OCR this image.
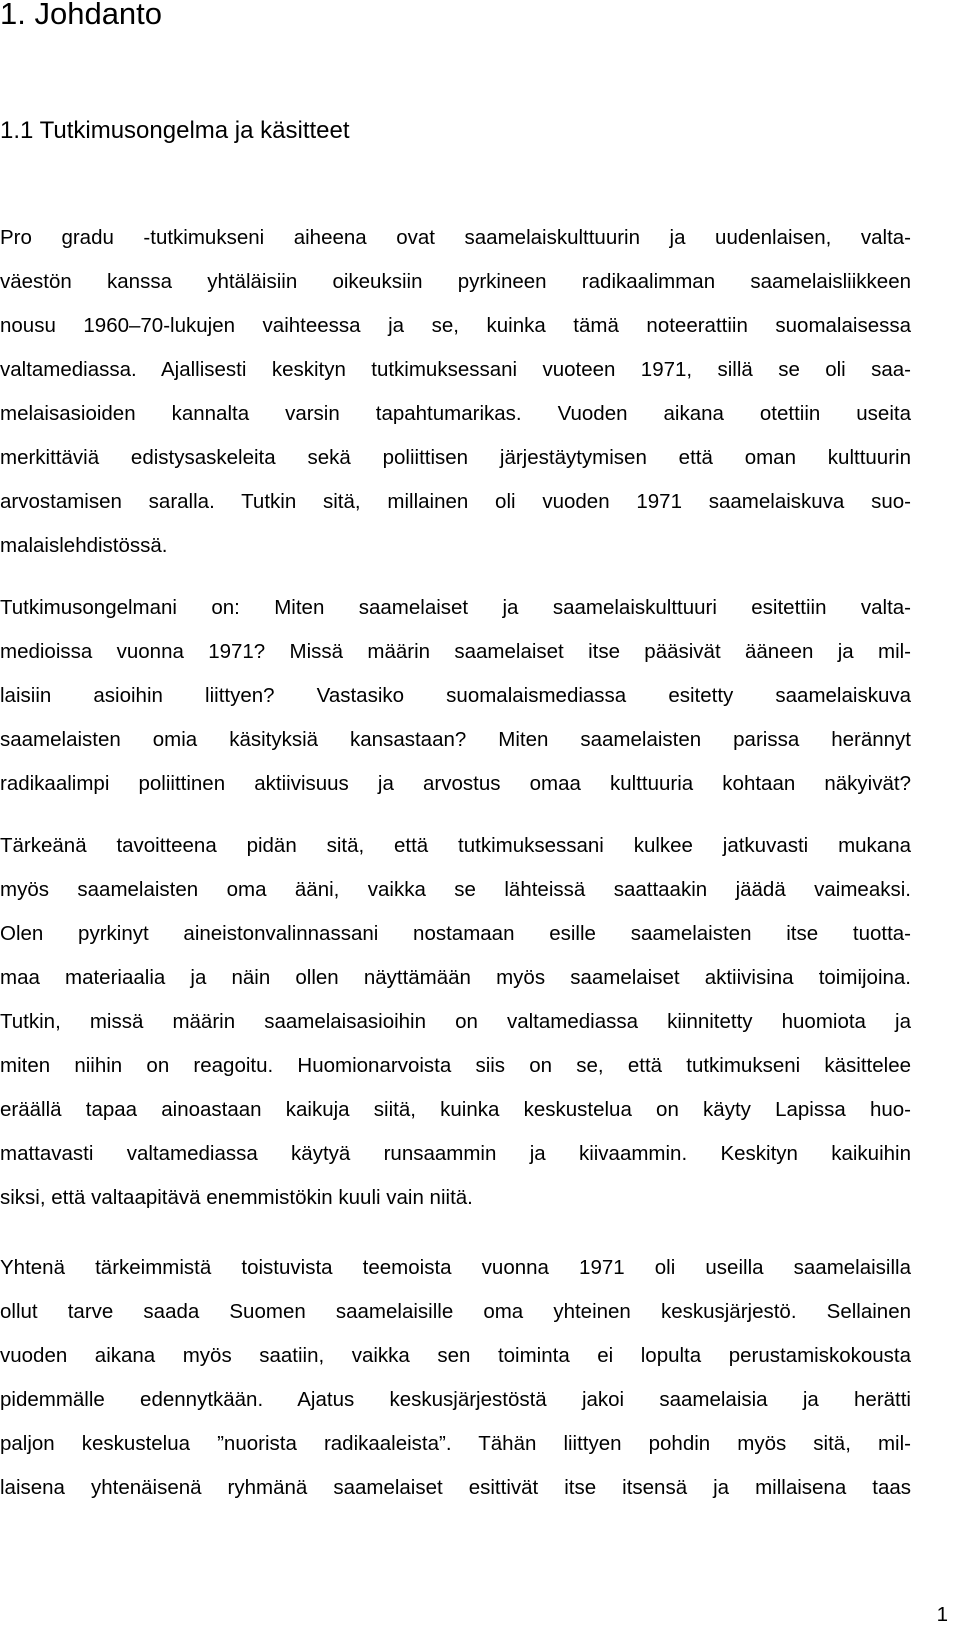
1. Johdanto
1.1 Tutkimusongelma ja käsitteet

Pro gradu -tutkimukseni aiheena ovat saamelaiskulttuurin ja uudenlaisen, valta-
väestön kanssa yhtäläisiin oikeuksiin pyrkineen radikaalimman saamelaisliikkeen
nousu 1960–70-lukujen vaihteessa ja se, kuinka tämä noteerattiin suomalaisessa
valtamediassa. Ajallisesti keskityn tutkimuksessani vuoteen 1971, sillä se oli saa-
melaisasioiden kannalta varsin tapahtumarikas. Vuoden aikana otettiin useita
merkittäviä edistysaskeleita sekä poliittisen järjestäytymisen että oman kulttuurin
arvostamisen saralla. Tutkin sitä, millainen oli vuoden 1971 saamelaiskuva suo-
malaislehdistössä.

Tutkimusongelmani on: Miten saamelaiset ja saamelaiskulttuuri esitettiin valta-
medioissa vuonna 1971? Missä määrin saamelaiset itse pääsivät ääneen ja mil-
laisiin asioihin liittyen? Vastasiko suomalaismediassa esitetty saamelaiskuva
saamelaisten omia käsityksiä kansastaan? Miten saamelaisten parissa herännyt
radikaalimpi poliittinen aktiivisuus ja arvostus omaa kulttuuria kohtaan näkyivät?

Tärkeänä tavoitteena pidän sitä, että tutkimuksessani kulkee jatkuvasti mukana
myös saamelaisten oma ääni, vaikka se lähteissä saattaakin jäädä vaimeaksi.
Olen pyrkinyt aineistonvalinnassani nostamaan esille saamelaisten itse tuotta-
maa materiaalia ja näin ollen näyttämään myös saamelaiset aktiivisina toimijoina.
Tutkin, missä määrin saamelaisasioihin on valtamediassa kiinnitetty huomiota ja
miten niihin on reagoitu. Huomionarvoista siis on se, että tutkimukseni käsittelee
eräällä tapaa ainoastaan kaikuja siitä, kuinka keskustelua on käyty Lapissa huo-
mattavasti valtamediassa käytyä runsaammin ja kiivaammin. Keskityn kaikuihin
siksi, että valtaapitävä enemmistökin kuuli vain niitä.

Yhtenä tärkeimmistä toistuvista teemoista vuonna 1971 oli useilla saamelaisilla
ollut tarve saada Suomen saamelaisille oma yhteinen keskusjärjestö. Sellainen
vuoden aikana myös saatiin, vaikka sen toiminta ei lopulta perustamiskokousta
pidemmälle edennytkään. Ajatus keskusjärjestöstä jakoi saamelaisia ja herätti
paljon keskustelua ”nuorista radikaaleista”. Tähän liittyen pohdin myös sitä, mil-
laisena yhtenäisenä ryhmänä saamelaiset esittivät itse itsensä ja millaisena taas

1
